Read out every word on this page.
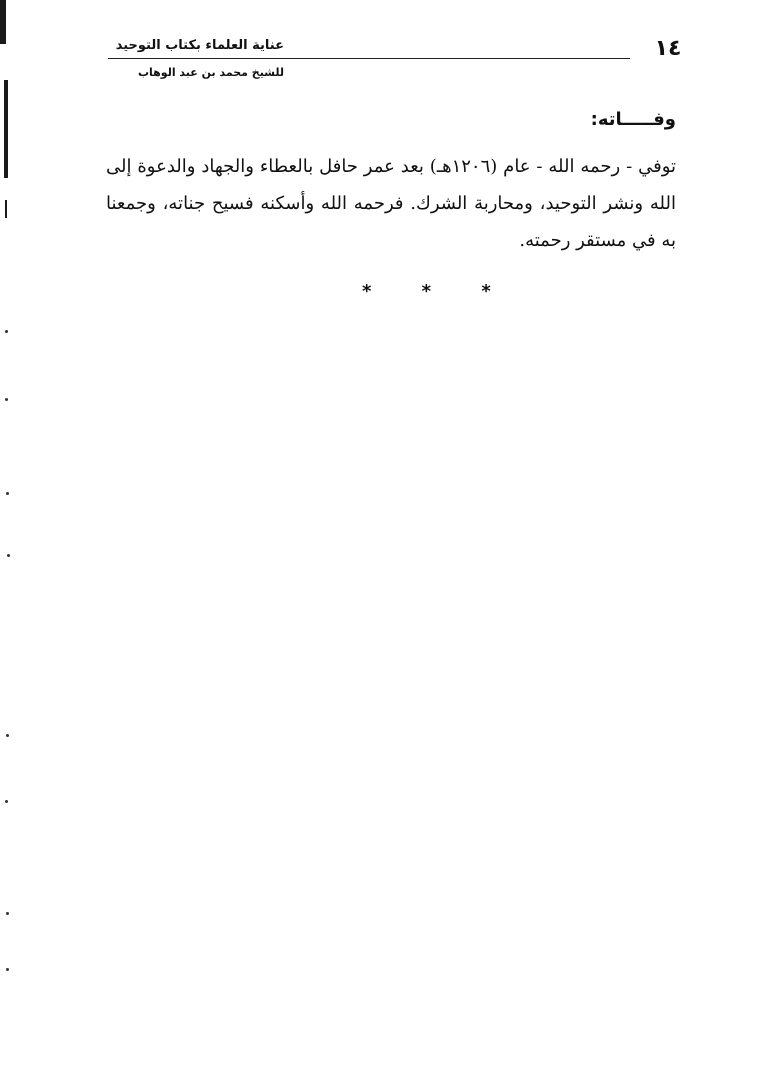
عناية العلماء بكتاب التوحيد
للشيخ محمد بن عبد الوهاب
١٤
وفـــــاته:

توفي - رحمه الله - عام (١٢٠٦هـ) بعد عمر حافل بالعطاء والجهاد والدعوة إلى الله ونشر التوحيد، ومحاربة الشرك. فرحمه الله وأسكنه فسيح جناته، وجمعنا به في مستقر رحمته.

* * *
